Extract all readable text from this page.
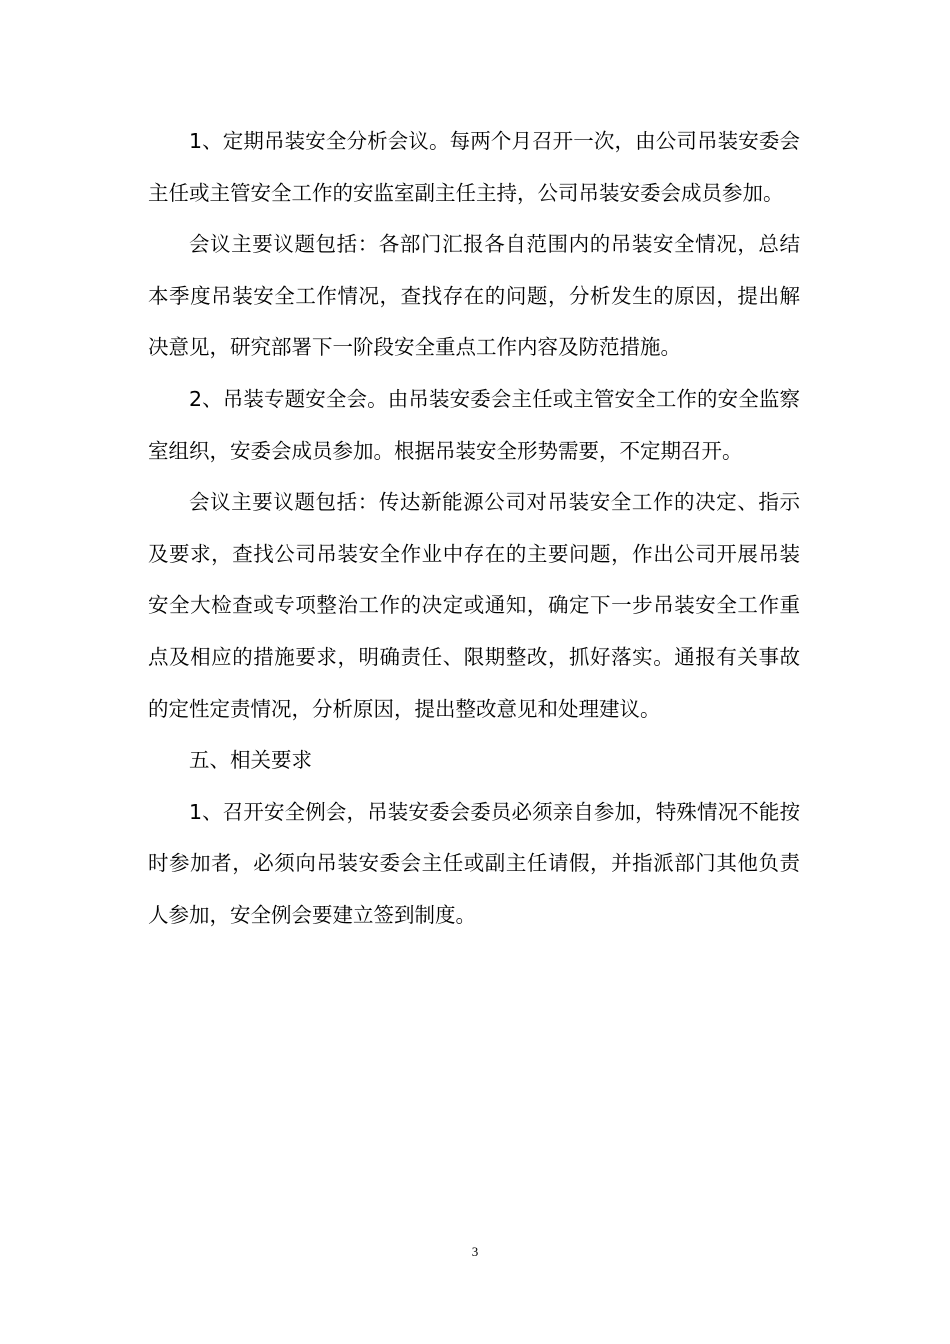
1、定期吊装安全分析会议。每两个月召开一次，由公司吊装安委会主任或主管安全工作的安监室副主任主持，公司吊装安委会成员参加。

会议主要议题包括：各部门汇报各自范围内的吊装安全情况，总结本季度吊装安全工作情况，查找存在的问题，分析发生的原因，提出解决意见，研究部署下一阶段安全重点工作内容及防范措施。

2、吊装专题安全会。由吊装安委会主任或主管安全工作的安全监察室组织，安委会成员参加。根据吊装安全形势需要，不定期召开。

会议主要议题包括：传达新能源公司对吊装安全工作的决定、指示及要求，查找公司吊装安全作业中存在的主要问题，作出公司开展吊装安全大检查或专项整治工作的决定或通知，确定下一步吊装安全工作重点及相应的措施要求，明确责任、限期整改，抓好落实。通报有关事故的定性定责情况，分析原因，提出整改意见和处理建议。

五、相关要求

1、召开安全例会，吊装安委会委员必须亲自参加，特殊情况不能按时参加者，必须向吊装安委会主任或副主任请假，并指派部门其他负责人参加，安全例会要建立签到制度。

3
